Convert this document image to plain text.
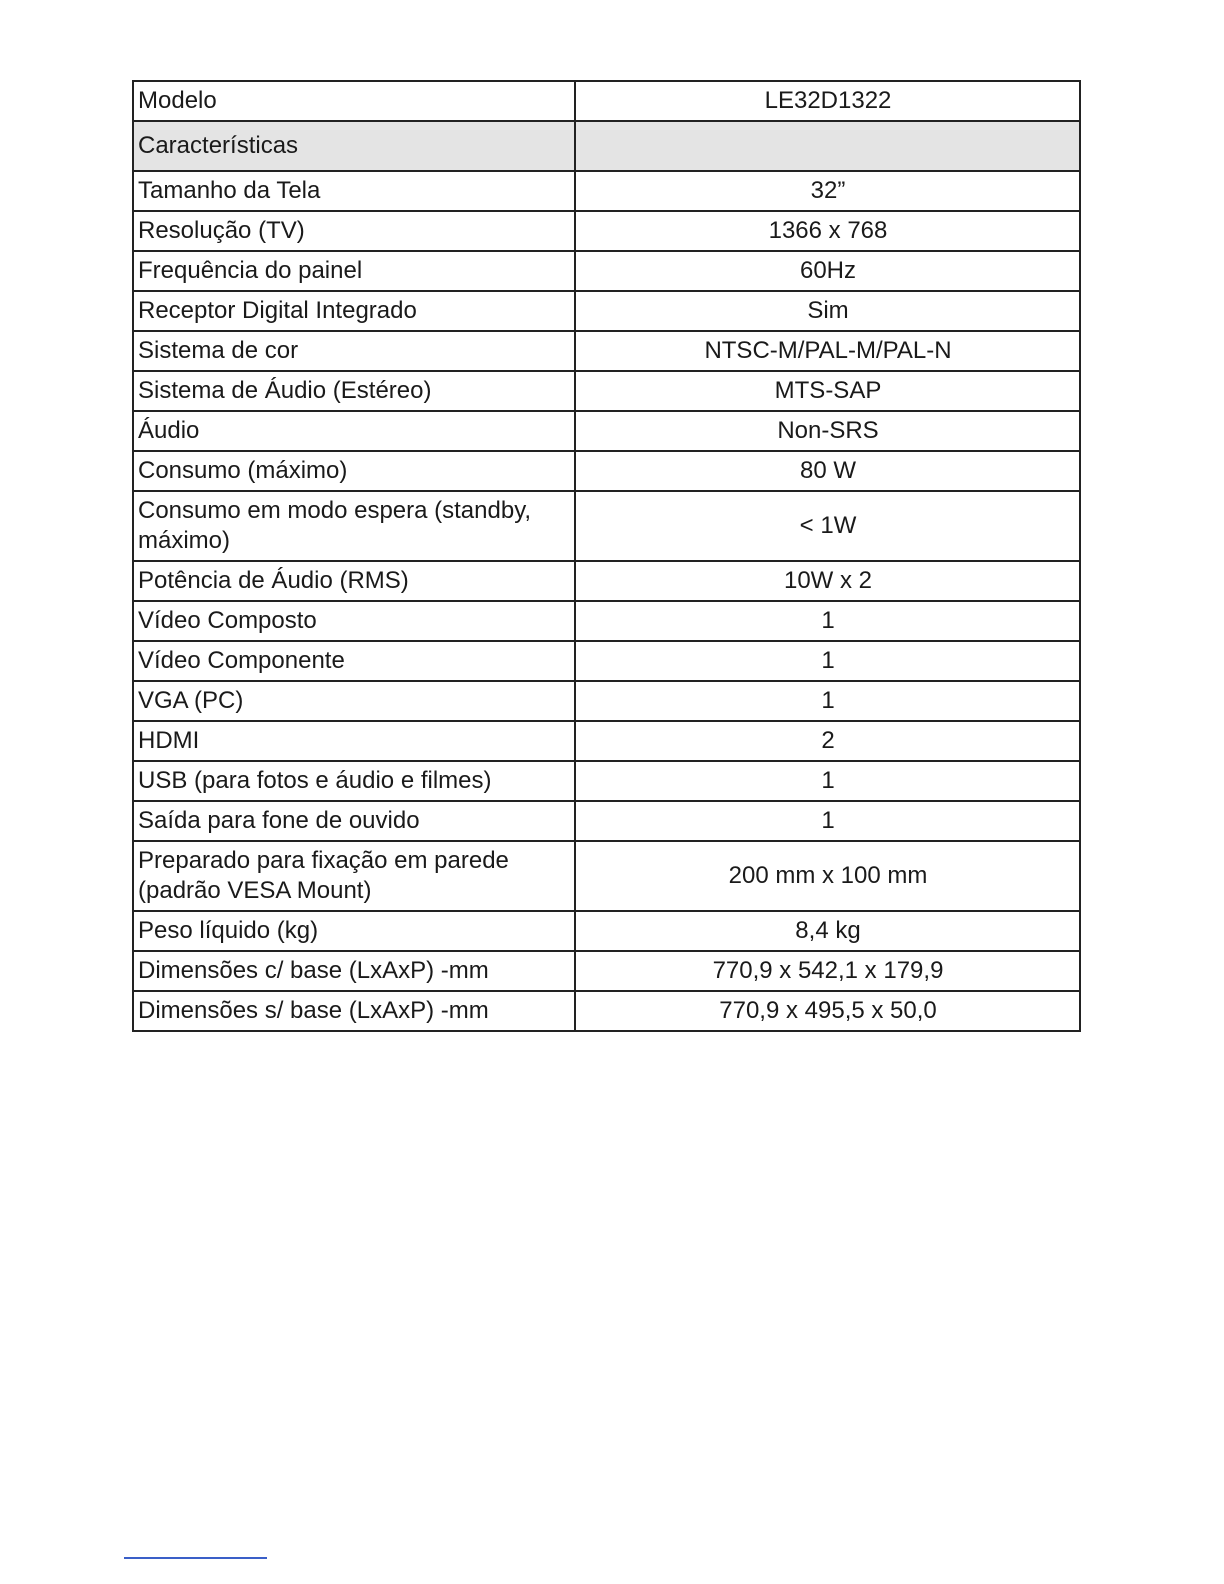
Modelo	LE32D1322
Características	
Tamanho da Tela	32”
Resolução (TV)	1366 x 768
Frequência do painel	60Hz
Receptor Digital Integrado	Sim
Sistema de cor	NTSC-M/PAL-M/PAL-N
Sistema de Áudio (Estéreo)	MTS-SAP
Áudio	Non-SRS
Consumo (máximo)	80 W
Consumo em modo espera (standby, máximo)	< 1W
Potência de Áudio (RMS)	10W x 2
Vídeo Composto	1
Vídeo Componente	1
VGA (PC)	1
HDMI	2
USB (para fotos e áudio e filmes)	1
Saída para fone de ouvido	1
Preparado para fixação em parede (padrão VESA Mount)	200 mm x 100 mm
Peso líquido (kg)	8,4 kg
Dimensões c/ base (LxAxP) -mm	770,9 x 542,1 x 179,9
Dimensões s/ base (LxAxP) -mm	770,9 x 495,5 x 50,0
